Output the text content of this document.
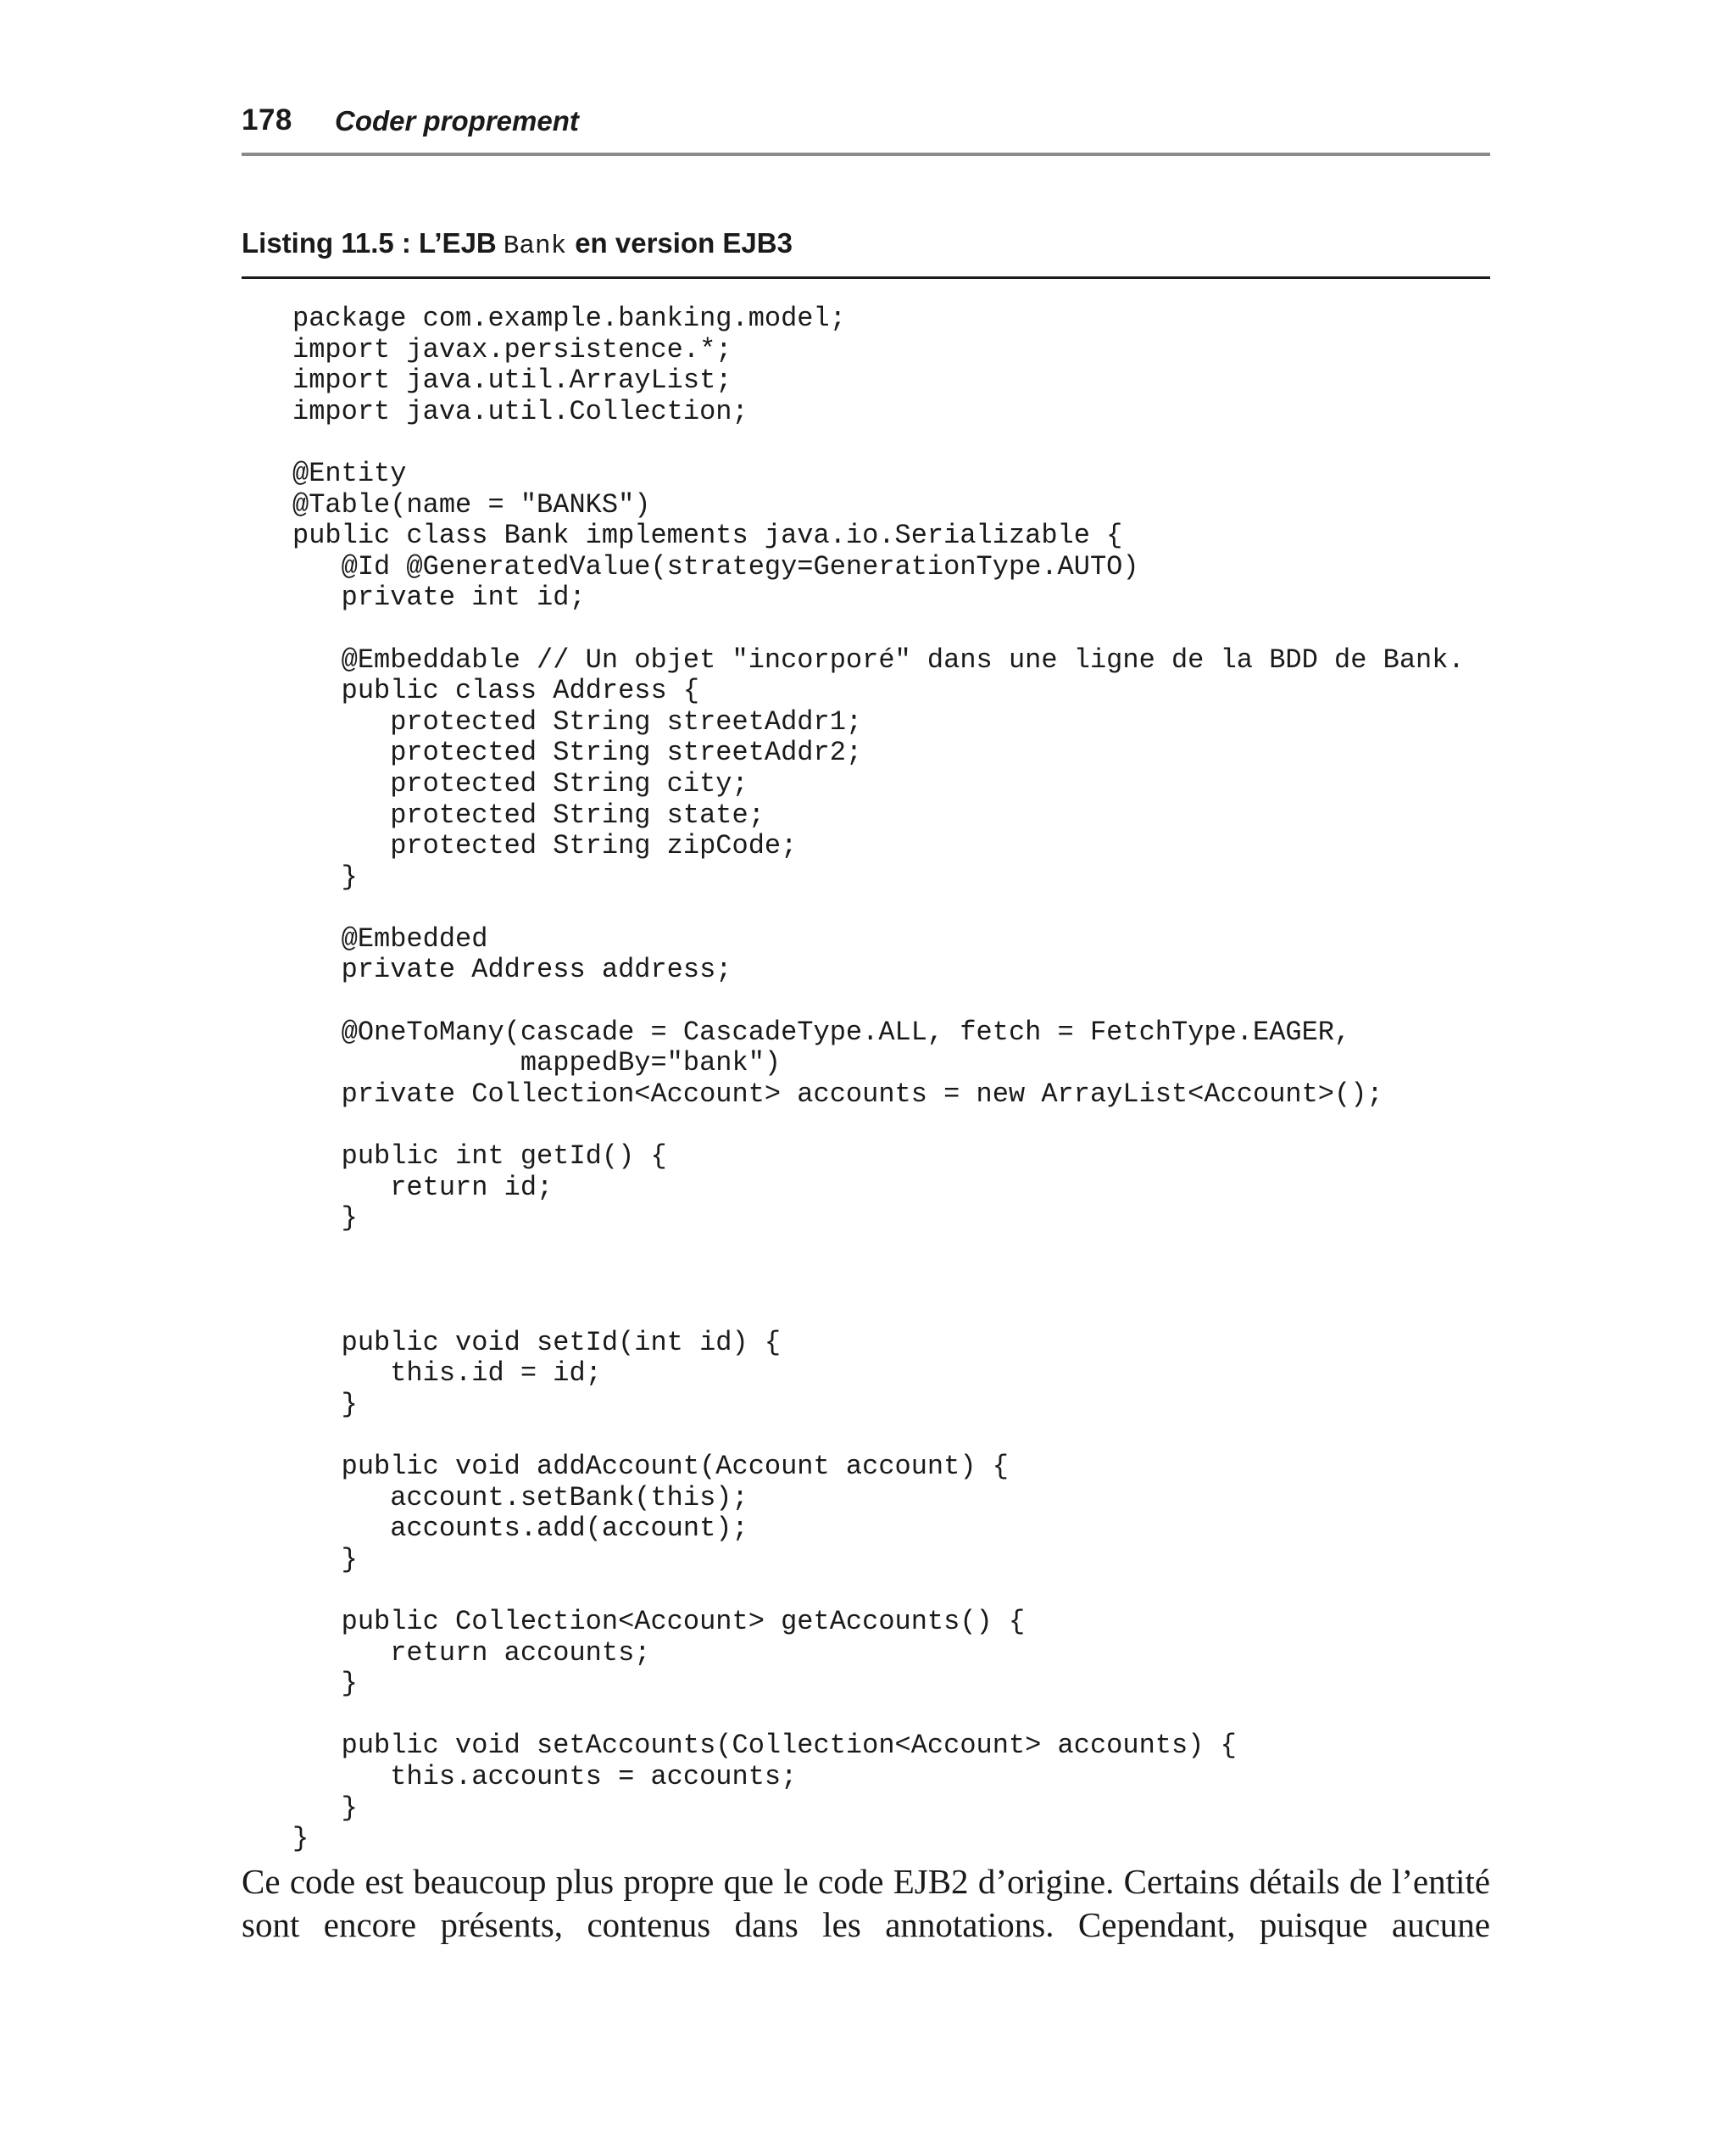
178 Coder proprement
Listing 11.5 : L’EJB Bank en version EJB3
package com.example.banking.model;
import javax.persistence.*;
import java.util.ArrayList;
import java.util.Collection;
@Entity
@Table(name = "BANKS")
public class Bank implements java.io.Serializable {
@Id @GeneratedValue(strategy=GenerationType.AUTO)
private int id;
@Embeddable // Un objet "incorporé" dans une ligne de la BDD de Bank.
public class Address {
protected String streetAddr1;
protected String streetAddr2;
protected String city;
protected String state;
protected String zipCode;
}
@Embedded
private Address address;
@OneToMany(cascade = CascadeType.ALL, fetch = FetchType.EAGER,
mappedBy="bank")
private Collection<Account> accounts = new ArrayList<Account>();
public int getId() {
return id;
}
public void setId(int id) {
this.id = id;
}
public void addAccount(Account account) {
account.setBank(this);
accounts.add(account);
}
public Collection<Account> getAccounts() {
return accounts;
}
public void setAccounts(Collection<Account> accounts) {
this.accounts = accounts;
}
}

Ce code est beaucoup plus propre que le code EJB2 d’origine. Certains détails de l’entité sont encore présents, contenus dans les annotations. Cependant, puisque aucune
